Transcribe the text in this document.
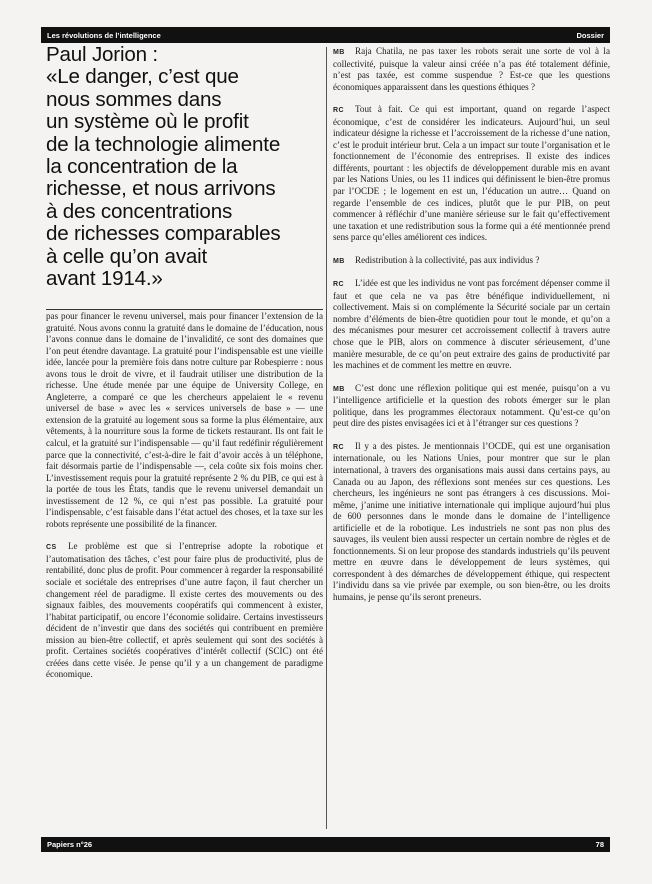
Les révolutions de l’intelligence	Dossier
Paul Jorion :
«Le danger, c’est que
nous sommes dans
un système où le profit
de la technologie alimente
la concentration de la
richesse, et nous arrivons
à des concentrations
de richesses comparables
à celle qu’on avait
avant 1914.»

pas pour financer le revenu universel, mais pour financer l’extension de la gratuité. Nous avons connu la gratuité dans le domaine de l’éducation, nous l’avons connue dans le domaine de l’invalidité, ce sont des domaines que l’on peut étendre davantage. La gratuité pour l’indispensable est une vieille idée, lancée pour la première fois dans notre culture par Robespierre : nous avons tous le droit de vivre, et il faudrait utiliser une distribution de la richesse. Une étude menée par une équipe de University College, en Angleterre, a comparé ce que les chercheurs appelaient le « revenu universel de base » avec les « services universels de base » — une extension de la gratuité au logement sous sa forme la plus élémentaire, aux vêtements, à la nourriture sous la forme de tickets restaurant. Ils ont fait le calcul, et la gratuité sur l’indispensable — qu’il faut redéfinir régulièrement parce que la connectivité, c’est-à-dire le fait d’avoir accès à un téléphone, fait désormais partie de l’indispensable —, cela coûte six fois moins cher. L’investissement requis pour la gratuité représente 2 % du PIB, ce qui est à la portée de tous les États, tandis que le revenu universel demandait un investissement de 12 %, ce qui n’est pas possible. La gratuité pour l’indispensable, c’est faisable dans l’état actuel des choses, et la taxe sur les robots représente une possibilité de la financer.

CS Le problème est que si l’entreprise adopte la robotique et l’automatisation des tâches, c’est pour faire plus de productivité, plus de rentabilité, donc plus de profit. Pour commencer à regarder la responsabilité sociale et sociétale des entreprises d’une autre façon, il faut chercher un changement réel de paradigme. Il existe certes des mouvements ou des signaux faibles, des mouvements coopératifs qui commencent à exister, l’habitat participatif, ou encore l’économie solidaire. Certains investisseurs décident de n’investir que dans des sociétés qui contribuent en première mission au bien-être collectif, et après seulement qui sont des sociétés à profit. Certaines sociétés coopératives d’intérêt collectif (SCIC) ont été créées dans cette visée. Je pense qu’il y a un changement de paradigme économique.

MB Raja Chatila, ne pas taxer les robots serait une sorte de vol à la collectivité, puisque la valeur ainsi créée n’a pas été totalement définie, n’est pas taxée, est comme suspendue ? Est-ce que les questions économiques apparaissent dans les questions éthiques ?

RC Tout à fait. Ce qui est important, quand on regarde l’aspect économique, c’est de considérer les indicateurs. Aujourd’hui, un seul indicateur désigne la richesse et l’accroissement de la richesse d’une nation, c’est le produit intérieur brut. Cela a un impact sur toute l’organisation et le fonctionnement de l’économie des entreprises. Il existe des indices différents, pourtant : les objectifs de développement durable mis en avant par les Nations Unies, ou les 11 indices qui définissent le bien-être promus par l’OCDE ; le logement en est un, l’éducation un autre… Quand on regarde l’ensemble de ces indices, plutôt que le pur PIB, on peut commencer à réfléchir d’une manière sérieuse sur le fait qu’effectivement une taxation et une redistribution sous la forme qui a été mentionnée prend sens parce qu’elles améliorent ces indices.

MB Redistribution à la collectivité, pas aux individus ?

RC L’idée est que les individus ne vont pas forcément dépenser comme il faut et que cela ne va pas être bénéfique individuellement, ni collectivement. Mais si on complémente la Sécurité sociale par un certain nombre d’éléments de bien-être quotidien pour tout le monde, et qu’on a des mécanismes pour mesurer cet accroissement collectif à travers autre chose que le PIB, alors on commence à discuter sérieusement, d’une manière mesurable, de ce qu’on peut extraire des gains de productivité par les machines et de comment les mettre en œuvre.

MB C’est donc une réflexion politique qui est menée, puisqu’on a vu l’intelligence artificielle et la question des robots émerger sur le plan politique, dans les programmes électoraux notamment. Qu’est-ce qu’on peut dire des pistes envisagées ici et à l’étranger sur ces questions ?

RC Il y a des pistes. Je mentionnais l’OCDE, qui est une organisation internationale, ou les Nations Unies, pour montrer que sur le plan international, à travers des organisations mais aussi dans certains pays, au Canada ou au Japon, des réflexions sont menées sur ces questions. Les chercheurs, les ingénieurs ne sont pas étrangers à ces discussions. Moi-même, j’anime une initiative internationale qui implique aujourd’hui plus de 600 personnes dans le monde dans le domaine de l’intelligence artificielle et de la robotique. Les industriels ne sont pas non plus des sauvages, ils veulent bien aussi respecter un certain nombre de règles et de fonctionnements. Si on leur propose des standards industriels qu’ils peuvent mettre en œuvre dans le développement de leurs systèmes, qui correspondent à des démarches de développement éthique, qui respectent l’individu dans sa vie privée par exemple, ou son bien-être, ou les droits humains, je pense qu’ils seront preneurs.

Papiers n°26	78
